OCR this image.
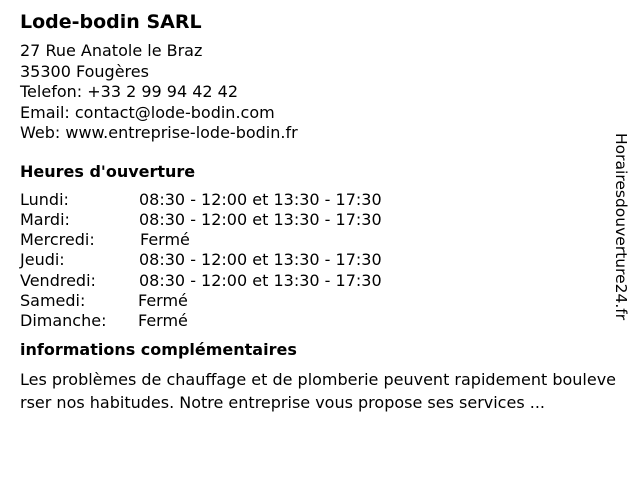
Lode-bodin SARL
27 Rue Anatole le Braz
35300 Fougères
Telefon: +33 2 99 94 42 42
Email: contact@lode-bodin.com
Web: www.entreprise-lode-bodin.fr
Heures d'ouverture
Lundi:	08:30 - 12:00 et 13:30 - 17:30
Mardi:	08:30 - 12:00 et 13:30 - 17:30
Mercredi:	Fermé
Jeudi:	08:30 - 12:00 et 13:30 - 17:30
Vendredi:	08:30 - 12:00 et 13:30 - 17:30
Samedi:	Fermé
Dimanche: Fermé
informations complémentaires
Les problèmes de chauffage et de plomberie peuvent rapidement bouleverser nos habitudes. Notre entreprise vous propose ses services ...
Horairesdouverture24.fr
